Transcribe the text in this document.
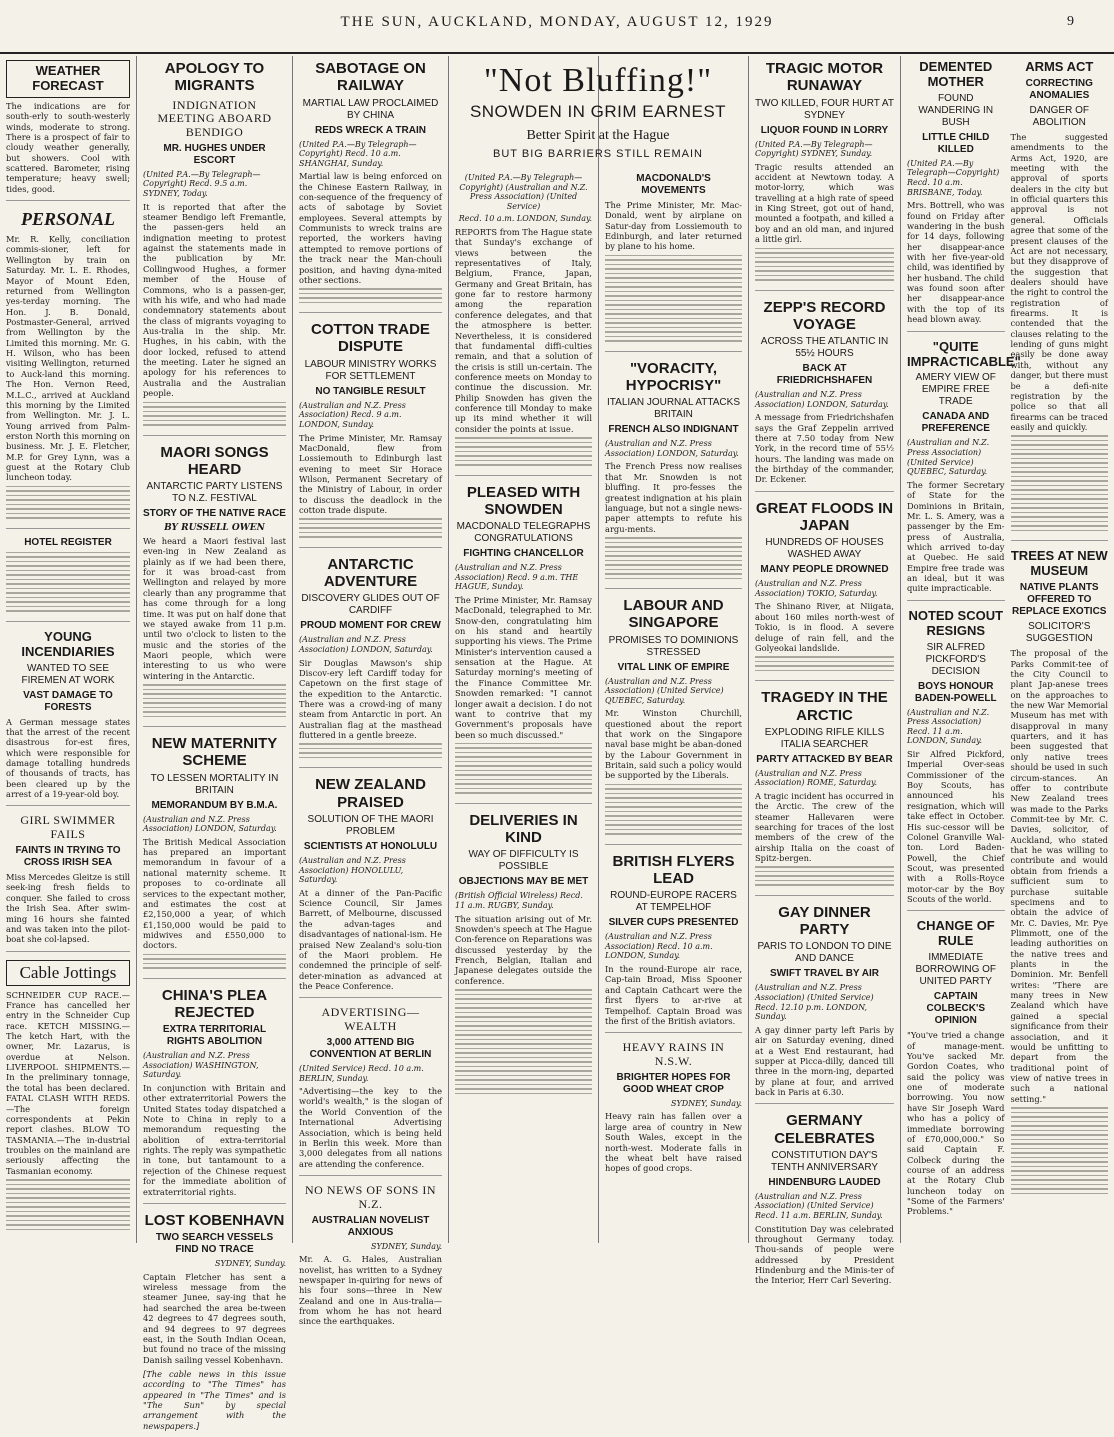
THE SUN, AUCKLAND, MONDAY, AUGUST 12, 1929	9
WEATHER FORECAST

The indications are for south-erly to south-westerly winds, moderate to strong. There is a prospect of fair to cloudy weather generally, but showers. Cool with scattered. Barometer, rising temperature; heavy swell; tides, good.

PERSONAL

Mr. R. Kelly, conciliation commis-sioner, left for Wellington by train on Saturday. Mr. L. E. Rhodes, Mayor of Mount Eden, returned from Wellington yes-terday morning. The Hon. J. B. Donald, Postmaster-General, arrived from Wellington by the Limited this morning. Mr. G. H. Wilson, who has been visiting Wellington, returned to Auck-land this morning. The Hon. Vernon Reed, M.L.C., arrived at Auckland this morning by the Limited from Wellington. Mr. J. L. Young arrived from Palm-erston North this morning on business. Mr. J. E. Fletcher, M.P. for Grey Lynn, was a guest at the Rotary Club luncheon today.

HOTEL REGISTER
YOUNG INCENDIARIES
WANTED TO SEE FIREMEN AT WORK
VAST DAMAGE TO FORESTS

A German message states that the arrest of the recent disastrous for-est fires, which were responsible for damage totalling hundreds of thousands of tracts, has been cleared up by the arrest of a 19-year-old boy.

GIRL SWIMMER FAILS
FAINTS IN TRYING TO CROSS IRISH SEA

Miss Mercedes Gleitze is still seek-ing fresh fields to conquer. She failed to cross the Irish Sea. After swim-ming 16 hours she fainted and was taken into the pilot-boat she col-lapsed.

Cable Jottings

SCHNEIDER CUP RACE.—France has cancelled her entry in the Schneider Cup race. KETCH MISSING.—The ketch Hart, with the owner, Mr. Lazarus, is overdue at Nelson. LIVERPOOL SHIPMENTS.—In the preliminary tonnage, the total has been declared. FATAL CLASH WITH REDS.—The foreign correspondents at Pekin report clashes. BLOW TO TASMANIA.—The in-dustrial troubles on the mainland are seriously affecting the Tasmanian economy.

APOLOGY TO MIGRANTS
INDIGNATION MEETING ABOARD BENDIGO
MR. HUGHES UNDER ESCORT
(United P.A.—By Telegraph—Copyright) Recd. 9.5 a.m. SYDNEY, Today.

It is reported that after the steamer Bendigo left Fremantle, the passen-gers held an indignation meeting to protest against the statements made in the publication by Mr. Collingwood Hughes, a former member of the House of Commons, who is a passen-ger, with his wife, and who had made condemnatory statements about the class of migrants voyaging to Aus-tralia in the ship. Mr. Hughes, in his cabin, with the door locked, refused to attend the meeting. Later he signed an apology for his references to Australia and the Australian people.

MAORI SONGS HEARD
ANTARCTIC PARTY LISTENS TO N.Z. FESTIVAL
STORY OF THE NATIVE RACE
BY RUSSELL OWEN

We heard a Maori festival last even-ing in New Zealand as plainly as if we had been there, for it was broad-cast from Wellington and relayed by more clearly than any programme that has come through for a long time. It was put on half done that we stayed awake from 11 p.m. until two o'clock to listen to the music and the stories of the Maori people, which were interesting to us who were wintering in the Antarctic.

NEW MATERNITY SCHEME
TO LESSEN MORTALITY IN BRITAIN
MEMORANDUM BY B.M.A.
(Australian and N.Z. Press Association) LONDON, Saturday.

The British Medical Association has prepared an important memorandum in favour of a national maternity scheme. It proposes to co-ordinate all services to the expectant mother, and estimates the cost at £2,150,000 a year, of which £1,150,000 would be paid to midwives and £550,000 to doctors.

CHINA'S PLEA REJECTED
EXTRA TERRITORIAL RIGHTS ABOLITION
(Australian and N.Z. Press Association) WASHINGTON, Saturday.

In conjunction with Britain and other extraterritorial Powers the United States today dispatched a Note to China in reply to a memorandum requesting the abolition of extra-territorial rights. The reply was sympathetic in tone, but tantamount to a rejection of the Chinese request for the immediate abolition of extraterritorial rights.

LOST KOBENHAVN
TWO SEARCH VESSELS FIND NO TRACE
SYDNEY, Sunday.

Captain Fletcher has sent a wireless message from the steamer Junee, say-ing that he had searched the area be-tween 42 degrees to 47 degrees south, and 94 degrees to 97 degrees east, in the South Indian Ocean, but found no trace of the missing Danish sailing vessel Kobenhavn.

[The cable news in this issue according to "The Times" has appeared in "The Times" and is "The Sun" by special arrangement with the newspapers.]

SABOTAGE ON RAILWAY
MARTIAL LAW PROCLAIMED BY CHINA
REDS WRECK A TRAIN
(United P.A.—By Telegraph—Copyright) Recd. 10 a.m. SHANGHAI, Sunday.

Martial law is being enforced on the Chinese Eastern Railway, in con-sequence of the frequency of acts of sabotage by Soviet employees. Several attempts by Communists to wreck trains are reported, the workers having attempted to remove portions of the track near the Man-chouli position, and having dyna-mited other sections.

COTTON TRADE DISPUTE
LABOUR MINISTRY WORKS FOR SETTLEMENT
NO TANGIBLE RESULT
(Australian and N.Z. Press Association) Recd. 9 a.m. LONDON, Sunday.

The Prime Minister, Mr. Ramsay MacDonald, flew from Lossiemouth to Edinburgh last evening to meet Sir Horace Wilson, Permanent Secretary of the Ministry of Labour, in order to discuss the deadlock in the cotton trade dispute.

ANTARCTIC ADVENTURE
DISCOVERY GLIDES OUT OF CARDIFF
PROUD MOMENT FOR CREW
(Australian and N.Z. Press Association) LONDON, Saturday.

Sir Douglas Mawson's ship Discov-ery left Cardiff today for Capetown on the first stage of the expedition to the Antarctic. There was a crowd-ing of many steam from Antarctic in port. An Australian flag at the masthead fluttered in a gentle breeze.

NEW ZEALAND PRAISED
SOLUTION OF THE MAORI PROBLEM
SCIENTISTS AT HONOLULU
(Australian and N.Z. Press Association) HONOLULU, Saturday.

At a dinner of the Pan-Pacific Science Council, Sir James Barrett, of Melbourne, discussed the advan-tages and disadvantages of national-ism. He praised New Zealand's solu-tion of the Maori problem. He condemned the principle of self-deter-mination as advanced at the Peace Conference.

ADVERTISING—WEALTH
3,000 ATTEND BIG CONVENTION AT BERLIN
(United Service) Recd. 10 a.m. BERLIN, Sunday.

"Advertising—the key to the world's wealth," is the slogan of the World Convention of the International Advertising Association, which is being held in Berlin this week. More than 3,000 delegates from all nations are attending the conference.

NO NEWS OF SONS IN N.Z.
AUSTRALIAN NOVELIST ANXIOUS
SYDNEY, Sunday.

Mr. A. G. Hales, Australian novelist, has written to a Sydney newspaper in-quiring for news of his four sons—three in New Zealand and one in Aus-tralia—from whom he has not heard since the earthquakes.

"Not Bluffing!"
SNOWDEN IN GRIM EARNEST
Better Spirit at the Hague
BUT BIG BARRIERS STILL REMAIN
(United P.A.—By Telegraph—Copyright) (Australian and N.Z. Press Association) (United Service)
Recd. 10 a.m. LONDON, Sunday.

REPORTS from The Hague state that Sunday's exchange of views between the representatives of Italy, Belgium, France, Japan, Germany and Great Britain, has gone far to restore harmony among the reparation conference delegates, and that the atmosphere is better. Nevertheless, it is considered that fundamental diffi-culties remain, and that a solution of the crisis is still un-certain. The conference meets on Monday to continue the discussion. Mr. Philip Snowden has given the conference till Monday to make up its mind whether it will consider the points at issue.

PLEASED WITH SNOWDEN
MACDONALD TELEGRAPHS CONGRATULATIONS
FIGHTING CHANCELLOR
(Australian and N.Z. Press Association) Recd. 9 a.m. THE HAGUE, Sunday.

The Prime Minister, Mr. Ramsay MacDonald, telegraphed to Mr. Snow-den, congratulating him on his stand and heartily supporting his views. The Prime Minister's intervention caused a sensation at the Hague. At Saturday morning's meeting of the Finance Committee Mr. Snowden remarked: "I cannot longer await a decision. I do not want to contrive that my Government's proposals have been so much discussed."

DELIVERIES IN KIND
WAY OF DIFFICULTY IS POSSIBLE
OBJECTIONS MAY BE MET
(British Official Wireless) Recd. 11 a.m. RUGBY, Sunday.

The situation arising out of Mr. Snowden's speech at The Hague Con-ference on Reparations was discussed yesterday by the French, Belgian, Italian and Japanese delegates outside the conference.

MACDONALD'S MOVEMENTS

The Prime Minister, Mr. Mac-Donald, went by airplane on Satur-day from Lossiemouth to Edinburgh, and later returned by plane to his home.

"VORACITY, HYPOCRISY"
ITALIAN JOURNAL ATTACKS BRITAIN
FRENCH ALSO INDIGNANT
(Australian and N.Z. Press Association) LONDON, Saturday.

The French Press now realises that Mr. Snowden is not bluffing. It pro-fesses the greatest indignation at his plain language, but not a single news-paper attempts to refute his argu-ments.

LABOUR AND SINGAPORE
PROMISES TO DOMINIONS STRESSED
VITAL LINK OF EMPIRE
(Australian and N.Z. Press Association) (United Service) QUEBEC, Saturday.

Mr. Winston Churchill, questioned about the report that work on the Singapore naval base might be aban-doned by the Labour Government in Britain, said such a policy would be supported by the Liberals.

BRITISH FLYERS LEAD
ROUND-EUROPE RACERS AT TEMPELHOF
SILVER CUPS PRESENTED
(Australian and N.Z. Press Association) Recd. 10 a.m. LONDON, Sunday.

In the round-Europe air race, Cap-tain Broad, Miss Spooner and Captain Cathcart were the first flyers to ar-rive at Tempelhof. Captain Broad was the first of the British aviators.

HEAVY RAINS IN N.S.W.
BRIGHTER HOPES FOR GOOD WHEAT CROP
SYDNEY, Sunday.

Heavy rain has fallen over a large area of country in New South Wales, except in the north-west. Moderate falls in the wheat belt have raised hopes of good crops.

TRAGIC MOTOR RUNAWAY
TWO KILLED, FOUR HURT AT SYDNEY
LIQUOR FOUND IN LORRY
(United P.A.—By Telegraph—Copyright) SYDNEY, Sunday.

Tragic results attended an accident at Newtown today. A motor-lorry, which was travelling at a high rate of speed in King Street, got out of hand, mounted a footpath, and killed a boy and an old man, and injured a little girl.

ZEPP'S RECORD VOYAGE
ACROSS THE ATLANTIC IN 55½ HOURS
BACK AT FRIEDRICHSHAFEN
(Australian and N.Z. Press Association) LONDON, Saturday.

A message from Friedrichshafen says the Graf Zeppelin arrived there at 7.50 today from New York, in the record time of 55½ hours. The landing was made on the birthday of the commander, Dr. Eckener.

GREAT FLOODS IN JAPAN
HUNDREDS OF HOUSES WASHED AWAY
MANY PEOPLE DROWNED
(Australian and N.Z. Press Association) TOKIO, Saturday.

The Shinano River, at Niigata, about 160 miles north-west of Tokio, is in flood. A severe deluge of rain fell, and the Golyeokai landslide.

TRAGEDY IN THE ARCTIC
EXPLODING RIFLE KILLS ITALIA SEARCHER
PARTY ATTACKED BY BEAR
(Australian and N.Z. Press Association) ROME, Saturday.

A tragic incident has occurred in the Arctic. The crew of the steamer Hallevaren were searching for traces of the lost members of the crew of the airship Italia on the coast of Spitz-bergen.

GAY DINNER PARTY
PARIS TO LONDON TO DINE AND DANCE
SWIFT TRAVEL BY AIR
(Australian and N.Z. Press Association) (United Service) Recd. 12.10 p.m. LONDON, Sunday.

A gay dinner party left Paris by air on Saturday evening, dined at a West End restaurant, had supper at Picca-dilly, danced till three in the morn-ing, departed by plane at four, and arrived back in Paris at 6.30.

GERMANY CELEBRATES
CONSTITUTION DAY'S TENTH ANNIVERSARY
HINDENBURG LAUDED
(Australian and N.Z. Press Association) (United Service) Recd. 11 a.m. BERLIN, Sunday.

Constitution Day was celebrated throughout Germany today. Thou-sands of people were addressed by President Hindenburg and the Minis-ter of the Interior, Herr Carl Severing.

DEMENTED MOTHER
FOUND WANDERING IN BUSH
LITTLE CHILD KILLED
(United P.A.—By Telegraph—Copyright) Recd. 10 a.m. BRISBANE, Today.

Mrs. Bottrell, who was found on Friday after wandering in the bush for 14 days, following her disappear-ance with her five-year-old child, was identified by her husband. The child was found soon after her disappear-ance with the top of its head blown away.

"QUITE IMPRACTICABLE"
AMERY VIEW OF EMPIRE FREE TRADE
CANADA AND PREFERENCE
(Australian and N.Z. Press Association) (United Service) QUEBEC, Saturday.

The former Secretary of State for the Dominions in Britain, Mr. L. S. Amery, was a passenger by the Em-press of Australia, which arrived to-day at Quebec. He said Empire free trade was an ideal, but it was quite impracticable.

NOTED SCOUT RESIGNS
SIR ALFRED PICKFORD'S DECISION
BOYS HONOUR BADEN-POWELL
(Australian and N.Z. Press Association) Recd. 11 a.m. LONDON, Sunday.

Sir Alfred Pickford, Imperial Over-seas Commissioner of the Boy Scouts, has announced his resignation, which will take effect in October. His suc-cessor will be Colonel Granville Wal-ton. Lord Baden-Powell, the Chief Scout, was presented with a Rolls-Royce motor-car by the Boy Scouts of the world.

CHANGE OF RULE
IMMEDIATE BORROWING OF UNITED PARTY
CAPTAIN COLBECK'S OPINION

"You've tried a change of manage-ment. You've sacked Mr. Gordon Coates, who said the policy was one of moderate borrowing. You now have Sir Joseph Ward who has a policy of immediate borrowing of £70,000,000." So said Captain F. Colbeck during the course of an address at the Rotary Club luncheon today on "Some of the Farmers' Problems."

ARMS ACT
CORRECTING ANOMALIES
DANGER OF ABOLITION

The suggested amendments to the Arms Act, 1920, are meeting with the approval of sports dealers in the city but in official quarters this approval is not general. Officials agree that some of the present clauses of the Act are not necessary, but they disapprove of the suggestion that dealers should have the right to control the registration of firearms. It is contended that the clauses relating to the lending of guns might easily be done away with, without any danger, but there must be a defi-nite registration by the police so that all firearms can be traced easily and quickly.

TREES AT NEW MUSEUM
NATIVE PLANTS OFFERED TO REPLACE EXOTICS
SOLICITOR'S SUGGESTION

The proposal of the Parks Commit-tee of the City Council to plant Jap-anese trees on the approaches to the new War Memorial Museum has met with disapproval in many quarters, and it has been suggested that only native trees should be used in such circum-stances. An offer to contribute New Zealand trees was made to the Parks Commit-tee by Mr. C. Davies, solicitor, of Auckland, who stated that he was willing to contribute and would obtain from friends a sufficient sum to purchase suitable specimens and to obtain the advice of Mr. C. Davies, Mr. Pye Plimmott, one of the leading authorities on the native trees and plants in the Dominion. Mr. Benfell writes: "There are many trees in New Zealand which have gained a special significance from their association, and it would be unfitting to depart from the traditional point of view of native trees in such a national setting."
